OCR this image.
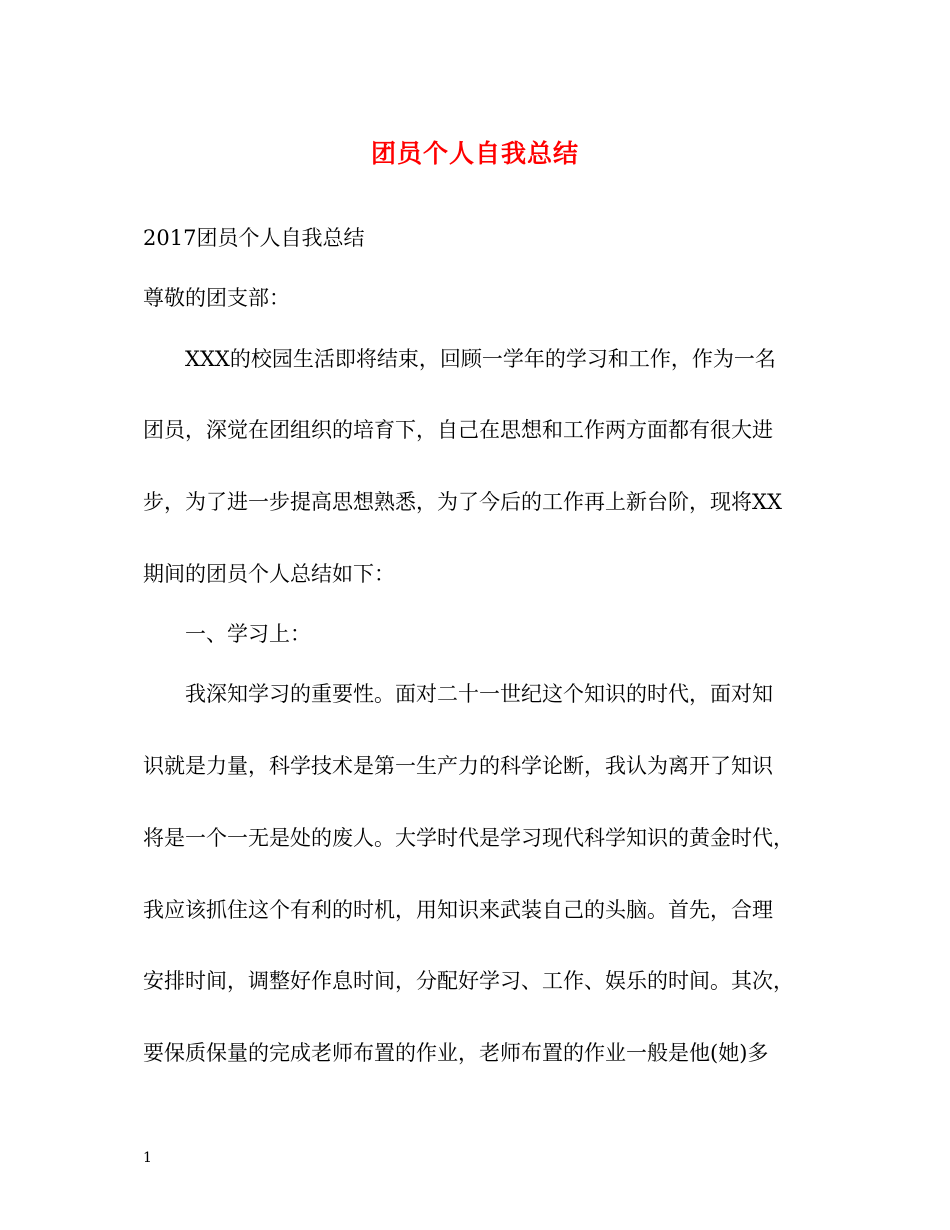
团员个人自我总结
2017团员个人自我总结
尊敬的团支部：
XXX的校园生活即将结束，回顾一学年的学习和工作，作为一名
团员，深觉在团组织的培育下，自己在思想和工作两方面都有很大进
步，为了进一步提高思想熟悉，为了今后的工作再上新台阶，现将XX
期间的团员个人总结如下：
一、学习上：
我深知学习的重要性。面对二十一世纪这个知识的时代，面对知
识就是力量，科学技术是第一生产力的科学论断，我认为离开了知识
将是一个一无是处的废人。大学时代是学习现代科学知识的黄金时代，
我应该抓住这个有利的时机，用知识来武装自己的头脑。首先，合理
安排时间，调整好作息时间，分配好学习、工作、娱乐的时间。其次，
要保质保量的完成老师布置的作业，老师布置的作业一般是他(她)多
1
